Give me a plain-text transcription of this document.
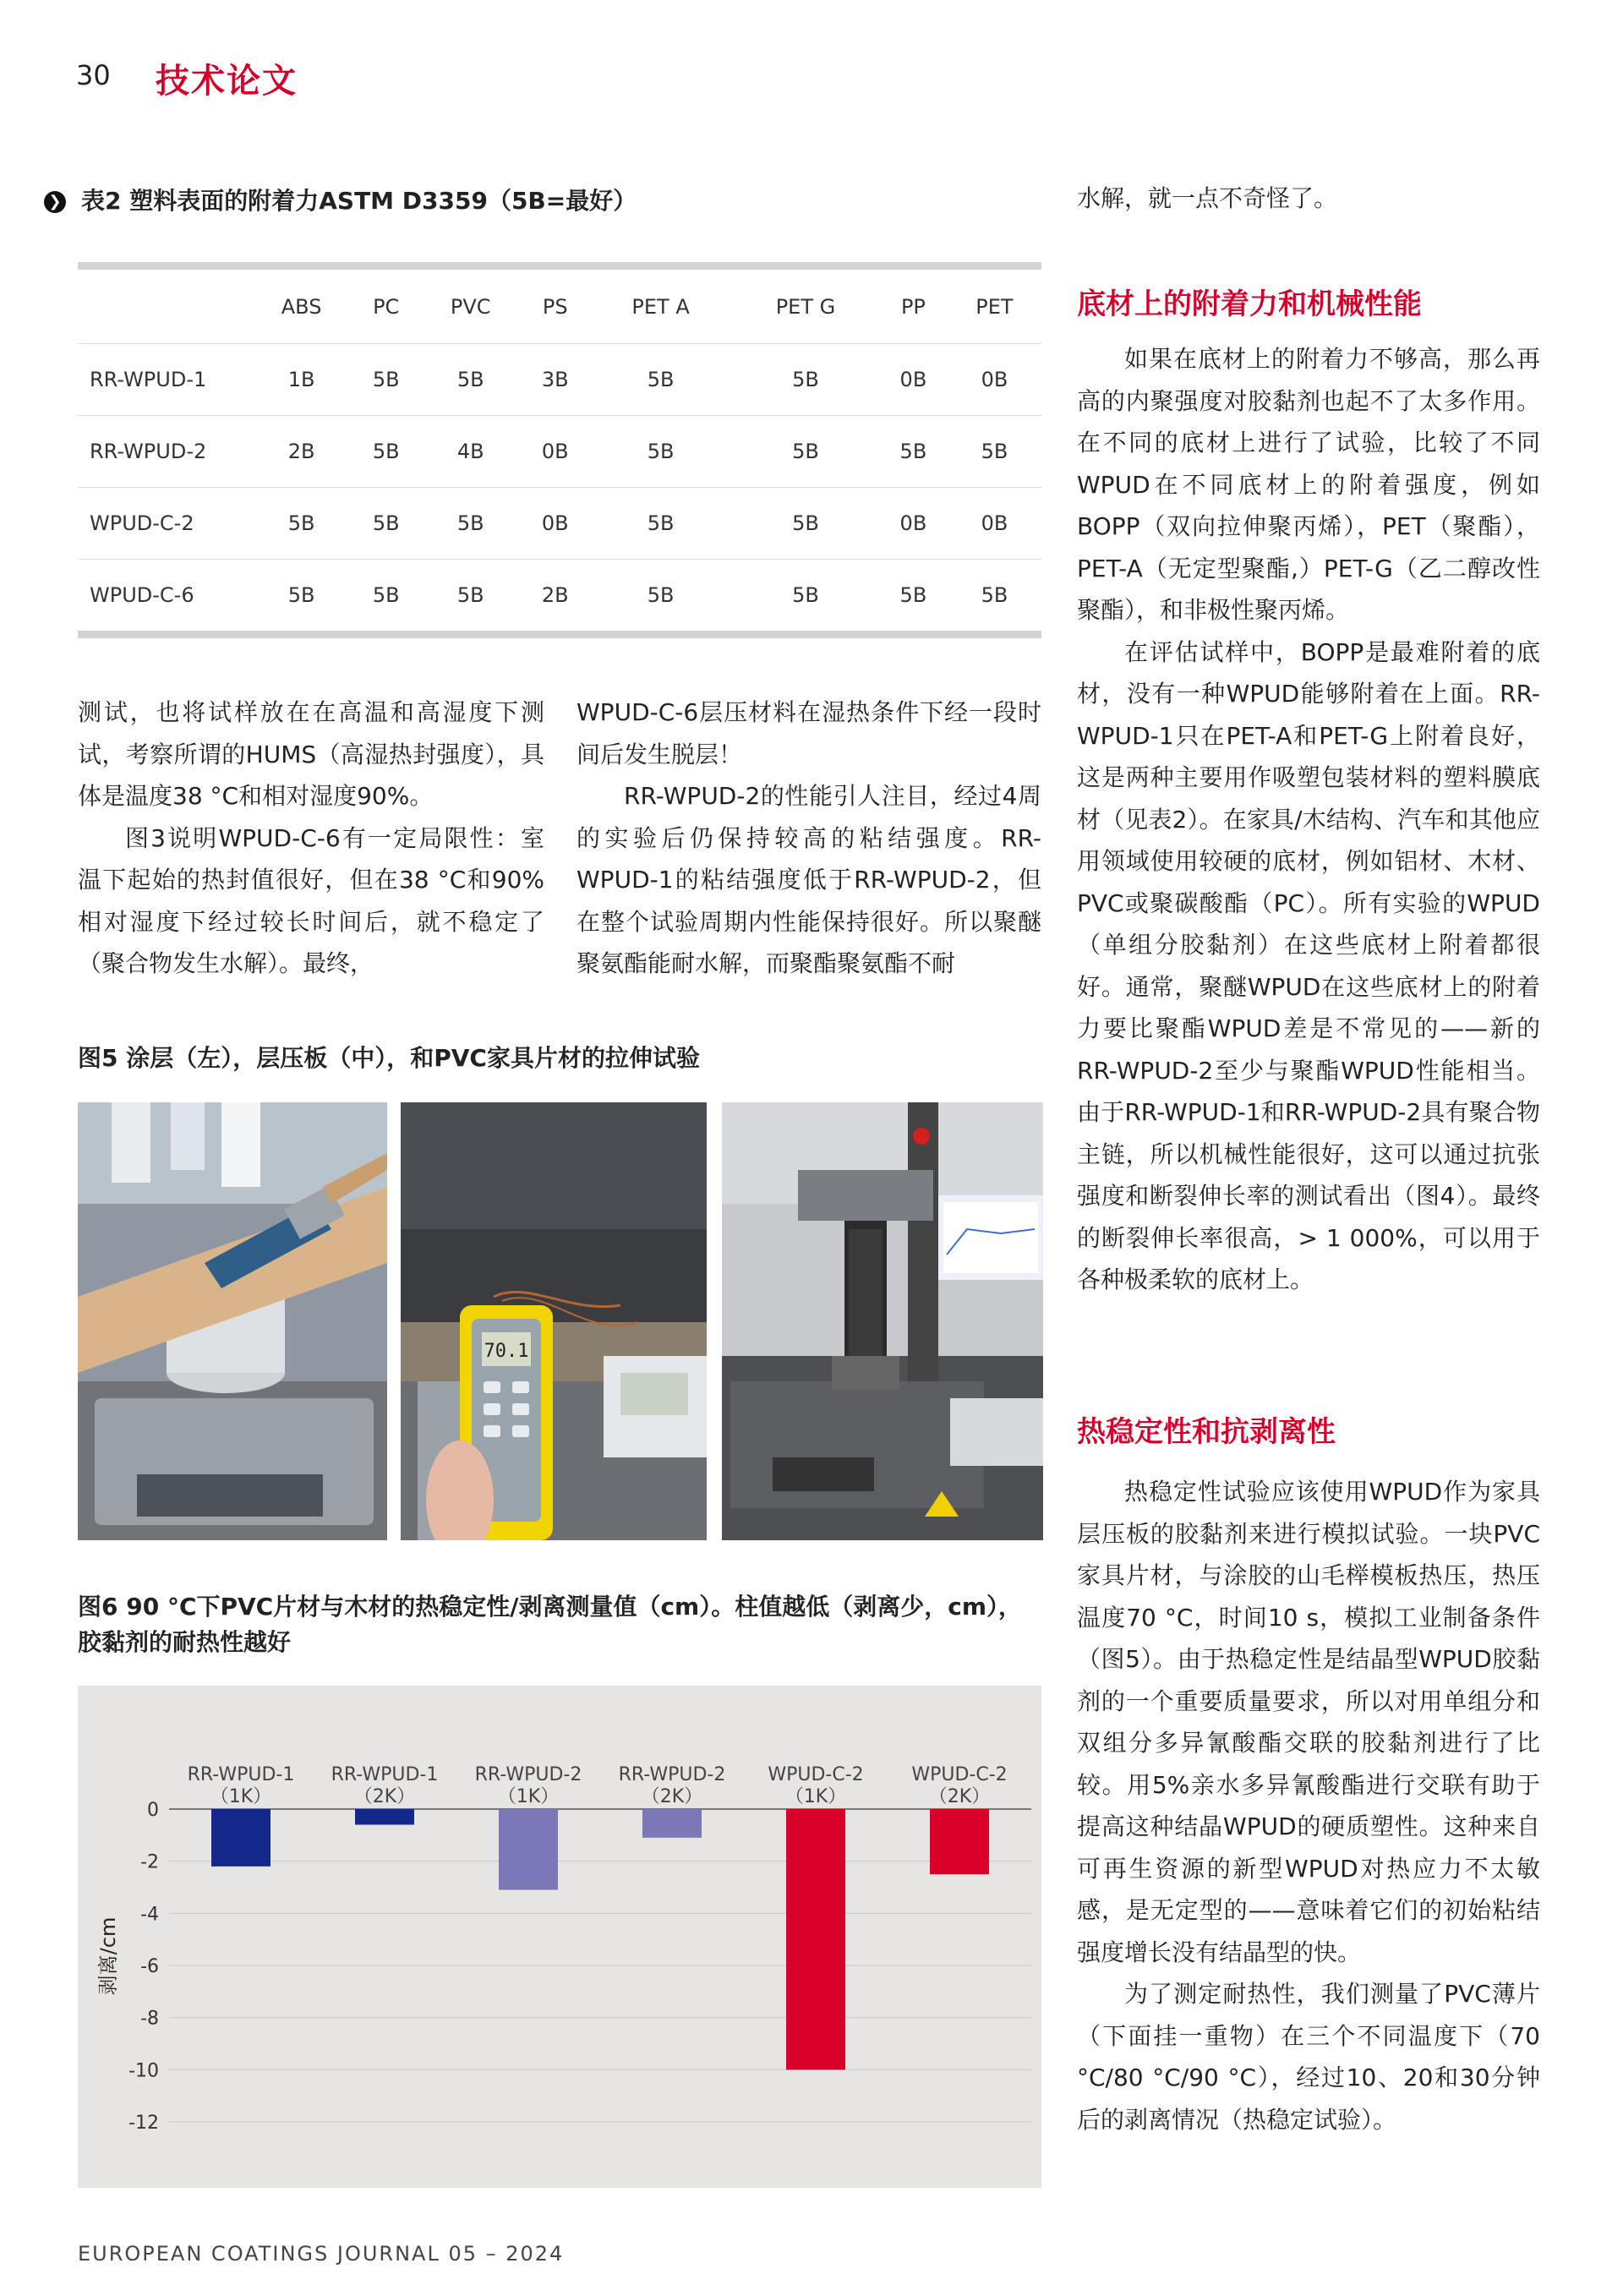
30 技术论文
❯ 表2 塑料表面的附着力ASTM D3359（5B=最好）
	ABS	PC	PVC	PS	PET A	PET G	PP	PET
RR-WPUD-1	1B	5B	5B	3B	5B	5B	0B	0B
RR-WPUD-2	2B	5B	4B	0B	5B	5B	5B	5B
WPUD-C-2	5B	5B	5B	0B	5B	5B	0B	0B
WPUD-C-6	5B	5B	5B	2B	5B	5B	5B	5B

测试，也将试样放在在高温和高湿度下测试，考察所谓的HUMS（高湿热封强度），具体是温度38 °C和相对湿度90%。

图3说明WPUD-C-6有一定局限性：室温下起始的热封值很好，但在38 °C和90%相对湿度下经过较长时间后，就不稳定了（聚合物发生水解）。最终，

WPUD-C-6层压材料在湿热条件下经一段时间后发生脱层！

RR-WPUD-2的性能引人注目，经过4周的实验后仍保持较高的粘结强度。RR-WPUD-1的粘结强度低于RR-WPUD-2，但在整个试验周期内性能保持很好。所以聚醚聚氨酯能耐水解，而聚酯聚氨酯不耐

水解，就一点不奇怪了。

底材上的附着力和机械性能

如果在底材上的附着力不够高，那么再高的内聚强度对胶黏剂也起不了太多作用。在不同的底材上进行了试验，比较了不同WPUD在不同底材上的附着强度，例如BOPP（双向拉伸聚丙烯），PET（聚酯），PET-A（无定型聚酯,）PET-G（乙二醇改性聚酯），和非极性聚丙烯。

在评估试样中，BOPP是最难附着的底材，没有一种WPUD能够附着在上面。RR-WPUD-1只在PET-A和PET-G上附着良好，这是两种主要用作吸塑包装材料的塑料膜底材（见表2）。在家具/木结构、汽车和其他应用领域使用较硬的底材，例如铝材、木材、PVC或聚碳酸酯（PC）。所有实验的WPUD（单组分胶黏剂）在这些底材上附着都很好。通常，聚醚WPUD在这些底材上的附着力要比聚酯WPUD差是不常见的——新的RR-WPUD-2至少与聚酯WPUD性能相当。由于RR-WPUD-1和RR-WPUD-2具有聚合物主链，所以机械性能很好，这可以通过抗张强度和断裂伸长率的测试看出（图4）。最终的断裂伸长率很高，> 1 000%，可以用于各种极柔软的底材上。

热稳定性和抗剥离性

热稳定性试验应该使用WPUD作为家具层压板的胶黏剂来进行模拟试验。一块PVC家具片材，与涂胶的山毛榉模板热压，热压温度70 °C，时间10 s，模拟工业制备条件（图5）。由于热稳定性是结晶型WPUD胶黏剂的一个重要质量要求，所以对用单组分和双组分多异氰酸酯交联的胶黏剂进行了比较。用5%亲水多异氰酸酯进行交联有助于提高这种结晶WPUD的硬质塑性。这种来自可再生资源的新型WPUD对热应力不太敏感，是无定型的——意味着它们的初始粘结强度增长没有结晶型的快。

为了测定耐热性，我们测量了PVC薄片（下面挂一重物）在三个不同温度下（70 °C/80 °C/90 °C），经过10、20和30分钟后的剥离情况（热稳定试验）。

图5 涂层（左），层压板（中），和PVC家具片材的拉伸试验
70.1
图6 90 °C下PVC片材与木材的热稳定性/剥离测量值（cm）。柱值越低（剥离少，cm），胶黏剂的耐热性越好
0
-2
-4
-6
-8
-10
-12
RR-WPUD-1
（1K）
RR-WPUD-1
（2K）
RR-WPUD-2
（1K）
RR-WPUD-2
（2K）
WPUD-C-2
（1K）
WPUD-C-2
（2K）
剥离/cm
EUROPEAN COATINGS JOURNAL 05 – 2024
